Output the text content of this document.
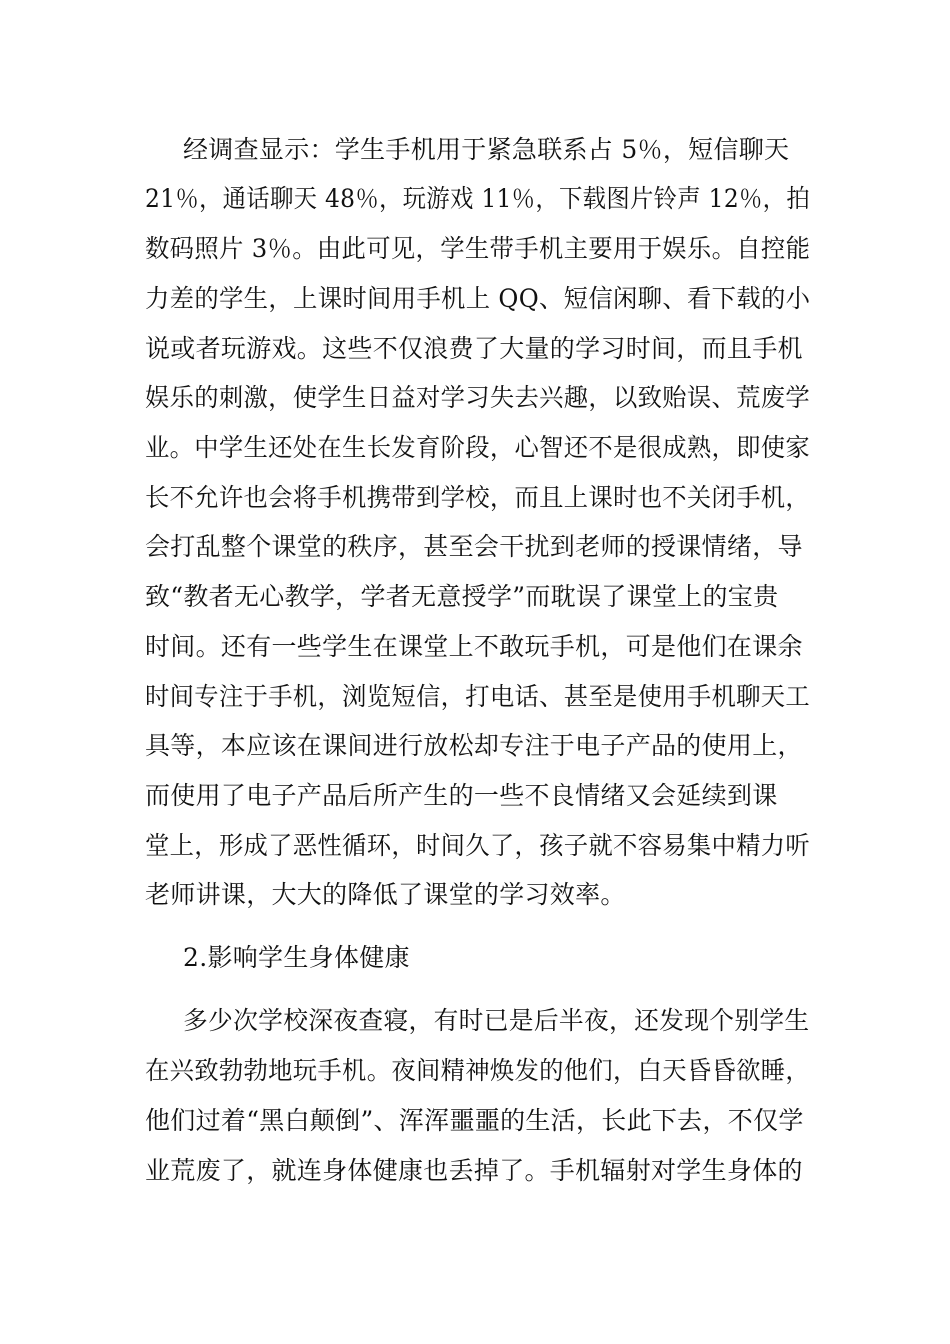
经调查显示：学生手机用于紧急联系占 5％，短信聊天

21％，通话聊天 48％，玩游戏 11％，下载图片铃声 12％，拍

数码照片 3％。由此可见，学生带手机主要用于娱乐。自控能

力差的学生，上课时间用手机上 QQ、短信闲聊、看下载的小

说或者玩游戏。这些不仅浪费了大量的学习时间，而且手机

娱乐的刺激，使学生日益对学习失去兴趣，以致贻误、荒废学

业。中学生还处在生长发育阶段，心智还不是很成熟，即使家

长不允许也会将手机携带到学校，而且上课时也不关闭手机，

会打乱整个课堂的秩序，甚至会干扰到老师的授课情绪，导

致“教者无心教学，学者无意授学”而耽误了课堂上的宝贵

时间。还有一些学生在课堂上不敢玩手机，可是他们在课余

时间专注于手机，浏览短信，打电话、甚至是使用手机聊天工

具等，本应该在课间进行放松却专注于电子产品的使用上，

而使用了电子产品后所产生的一些不良情绪又会延续到课

堂上，形成了恶性循环，时间久了，孩子就不容易集中精力听

老师讲课，大大的降低了课堂的学习效率。

2.影响学生身体健康

多少次学校深夜查寝，有时已是后半夜，还发现个别学生

在兴致勃勃地玩手机。夜间精神焕发的他们，白天昏昏欲睡，

他们过着“黑白颠倒”、浑浑噩噩的生活，长此下去，不仅学

业荒废了，就连身体健康也丢掉了。手机辐射对学生身体的
